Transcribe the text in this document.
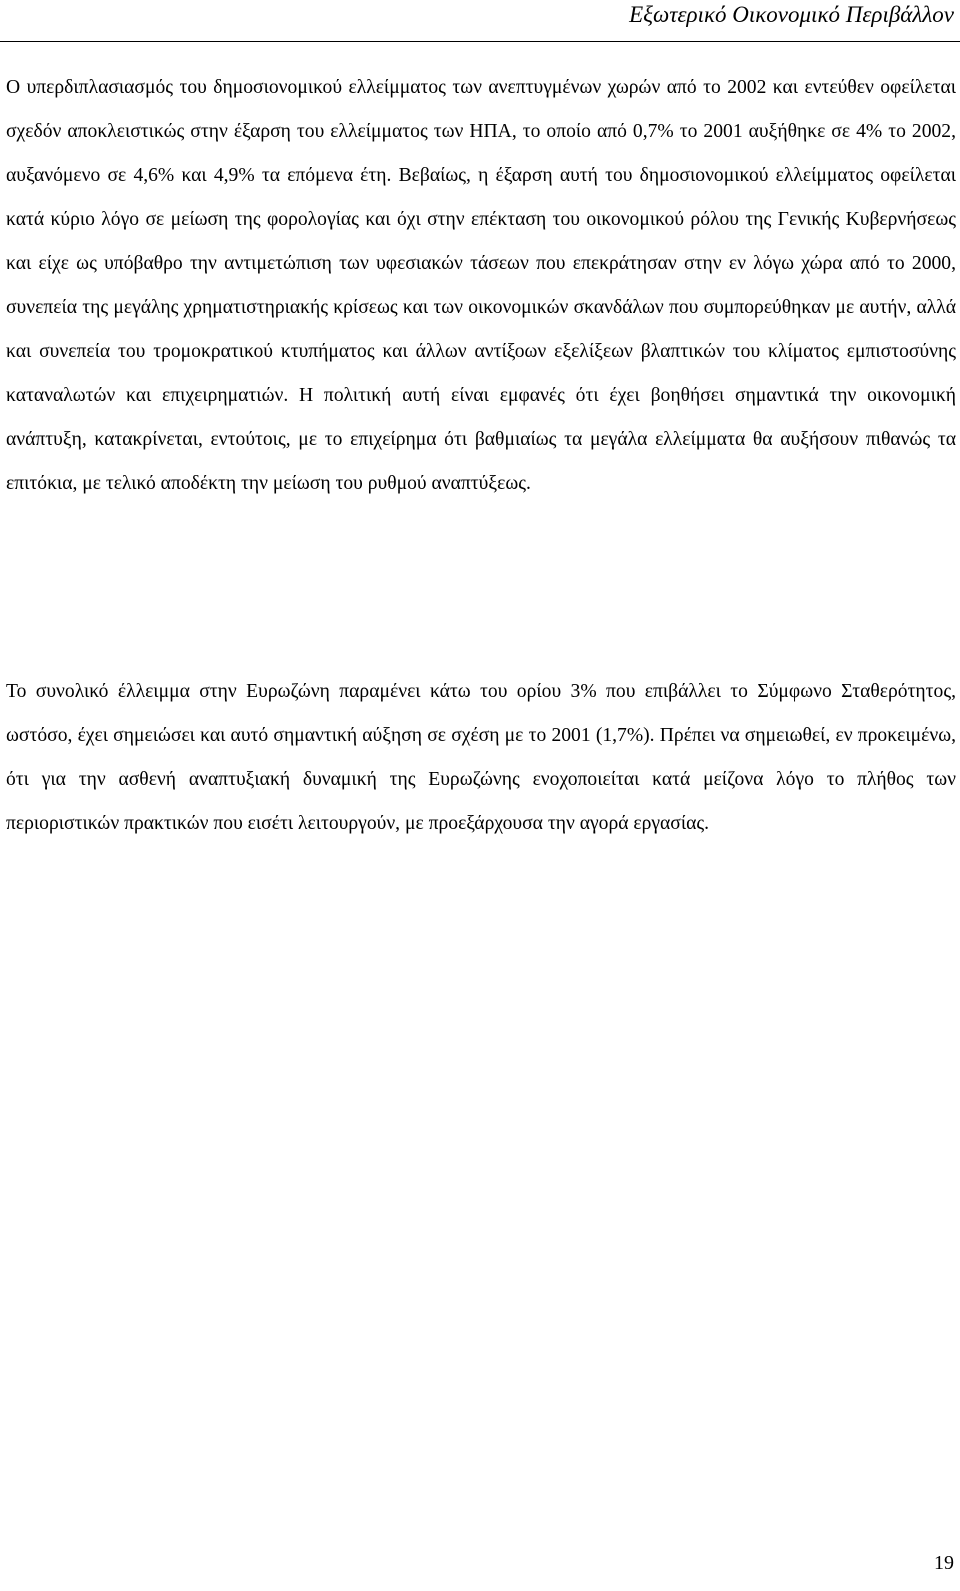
Εξωτερικό Οικονομικό Περιβάλλον

Ο υπερδιπλασιασμός του δημοσιονομικού ελλείμματος των ανεπτυγμένων χωρών από το 2002 και εντεύθεν οφείλεται σχεδόν αποκλειστικώς στην έξαρση του ελλείμματος των ΗΠΑ, το οποίο από 0,7% το 2001 αυξήθηκε σε 4% το 2002, αυξανόμενο σε 4,6% και 4,9% τα επόμενα έτη. Βεβαίως, η έξαρση αυτή του δημοσιονομικού ελλείμματος οφείλεται κατά κύριο λόγο σε μείωση της φορολογίας και όχι στην επέκταση του οικονομικού ρόλου της Γενικής Κυβερνήσεως και είχε ως υπόβαθρο την αντιμετώπιση των υφεσιακών τάσεων που επεκράτησαν στην εν λόγω χώρα από το 2000, συνεπεία της μεγάλης χρηματιστηριακής κρίσεως και των οικονομικών σκανδάλων που συμπορεύθηκαν με αυτήν, αλλά και συνεπεία του τρομοκρατικού κτυπήματος και άλλων αντίξοων εξελίξεων βλαπτικών του κλίματος εμπιστοσύνης καταναλωτών και επιχειρηματιών. Η πολιτική αυτή είναι εμφανές ότι έχει βοηθήσει σημαντικά την οικονομική ανάπτυξη, κατακρίνεται, εντούτοις, με το επιχείρημα ότι βαθμιαίως τα μεγάλα ελλείμματα θα αυξήσουν πιθανώς τα επιτόκια, με τελικό αποδέκτη την μείωση του ρυθμού αναπτύξεως.

Το συνολικό έλλειμμα στην Ευρωζώνη παραμένει κάτω του ορίου 3% που επιβάλλει το Σύμφωνο Σταθερότητος, ωστόσο, έχει σημειώσει και αυτό σημαντική αύξηση σε σχέση με το 2001 (1,7%). Πρέπει να σημειωθεί, εν προκειμένω, ότι για την ασθενή αναπτυξιακή δυναμική της Ευρωζώνης ενοχοποιείται κατά μείζονα λόγο το πλήθος των περιοριστικών πρακτικών που εισέτι λειτουργούν, με προεξάρχουσα την αγορά εργασίας.

19
